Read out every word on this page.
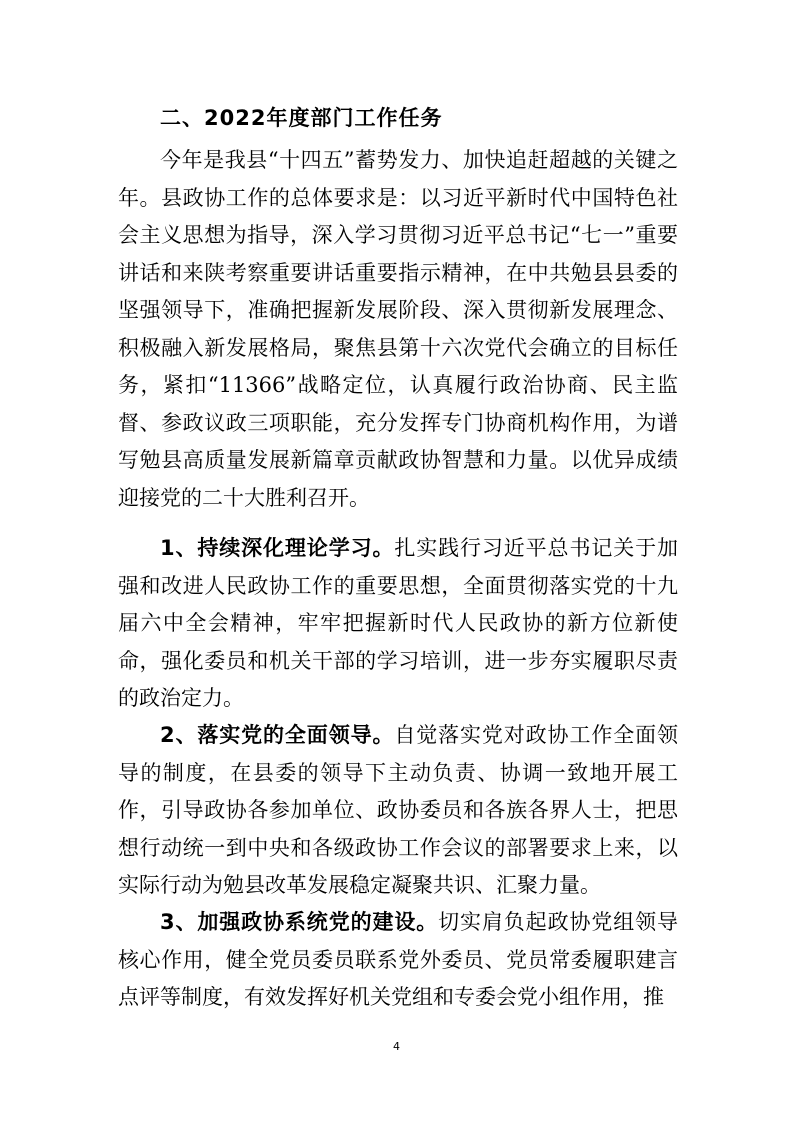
二、2022年度部门工作任务

今年是我县“十四五”蓄势发力、加快追赶超越的关键之年。县政协工作的总体要求是：以习近平新时代中国特色社会主义思想为指导，深入学习贯彻习近平总书记“七一”重要讲话和来陕考察重要讲话重要指示精神，在中共勉县县委的坚强领导下，准确把握新发展阶段、深入贯彻新发展理念、积极融入新发展格局，聚焦县第十六次党代会确立的目标任务，紧扣“11366”战略定位，认真履行政治协商、民主监督、参政议政三项职能，充分发挥专门协商机构作用，为谱写勉县高质量发展新篇章贡献政协智慧和力量。以优异成绩迎接党的二十大胜利召开。

1、持续深化理论学习。扎实践行习近平总书记关于加强和改进人民政协工作的重要思想，全面贯彻落实党的十九届六中全会精神，牢牢把握新时代人民政协的新方位新使命，强化委员和机关干部的学习培训，进一步夯实履职尽责的政治定力。

2、落实党的全面领导。自觉落实党对政协工作全面领导的制度，在县委的领导下主动负责、协调一致地开展工作，引导政协各参加单位、政协委员和各族各界人士，把思想行动统一到中央和各级政协工作会议的部署要求上来，以实际行动为勉县改革发展稳定凝聚共识、汇聚力量。

3、加强政协系统党的建设。切实肩负起政协党组领导核心作用，健全党员委员联系党外委员、党员常委履职建言点评等制度，有效发挥好机关党组和专委会党小组作用，推

4
